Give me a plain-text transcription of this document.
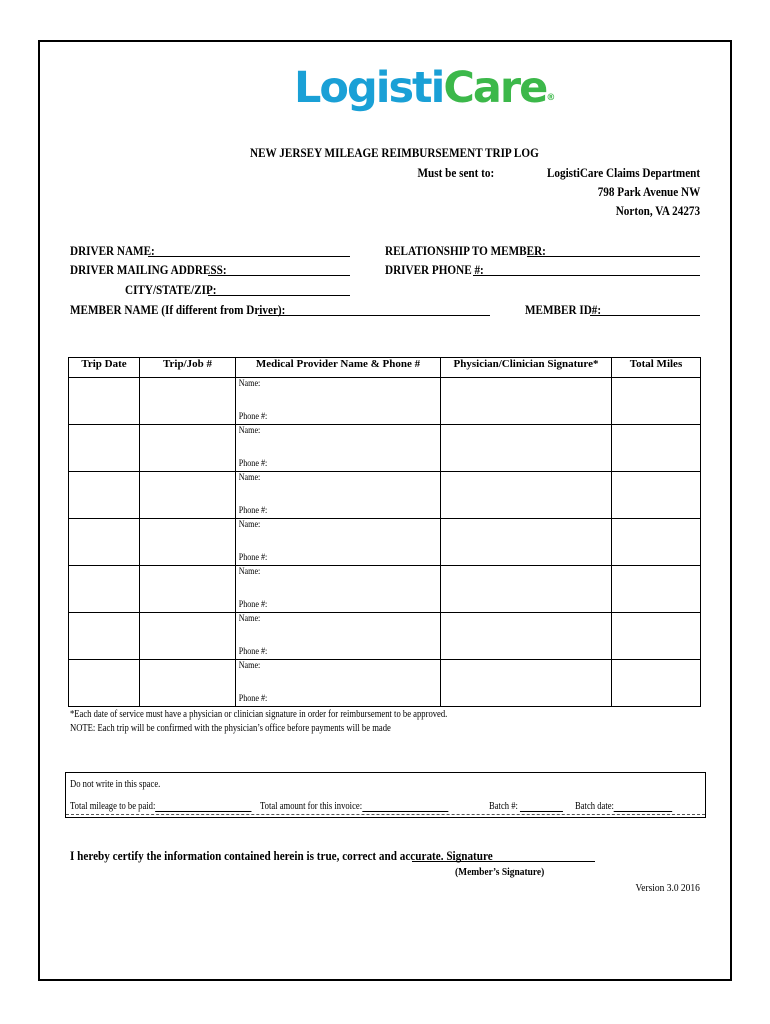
LogistiCare®
NEW JERSEY MILEAGE REIMBURSEMENT TRIP LOG
Must be sent to:	LogistiCare Claims Department
798 Park Avenue NW
Norton, VA 24273
DRIVER NAME:	RELATIONSHIP TO MEMBER:
DRIVER MAILING ADDRESS:	DRIVER PHONE #:
CITY/STATE/ZIP:
MEMBER NAME (If different from Driver):	MEMBER ID#:
Trip Date	Trip/Job #	Medical Provider Name & Phone #	Physician/Clinician Signature*	Total Miles

		Name:
Phone #:		

		Name:
Phone #:		

		Name:
Phone #:		

		Name:
Phone #:		

		Name:
Phone #:		

		Name:
Phone #:		

		Name:
Phone #:		

*Each date of service must have a physician or clinician signature in order for reimbursement to be approved.
NOTE: Each trip will be confirmed with the physician’s office before payments will be made
Do not write in this space.
Total mileage to be paid:	Total amount for this invoice:	Batch #:	Batch date:
I hereby certify the information contained herein is true, correct and accurate. Signature
(Member’s Signature)
Version 3.0 2016
